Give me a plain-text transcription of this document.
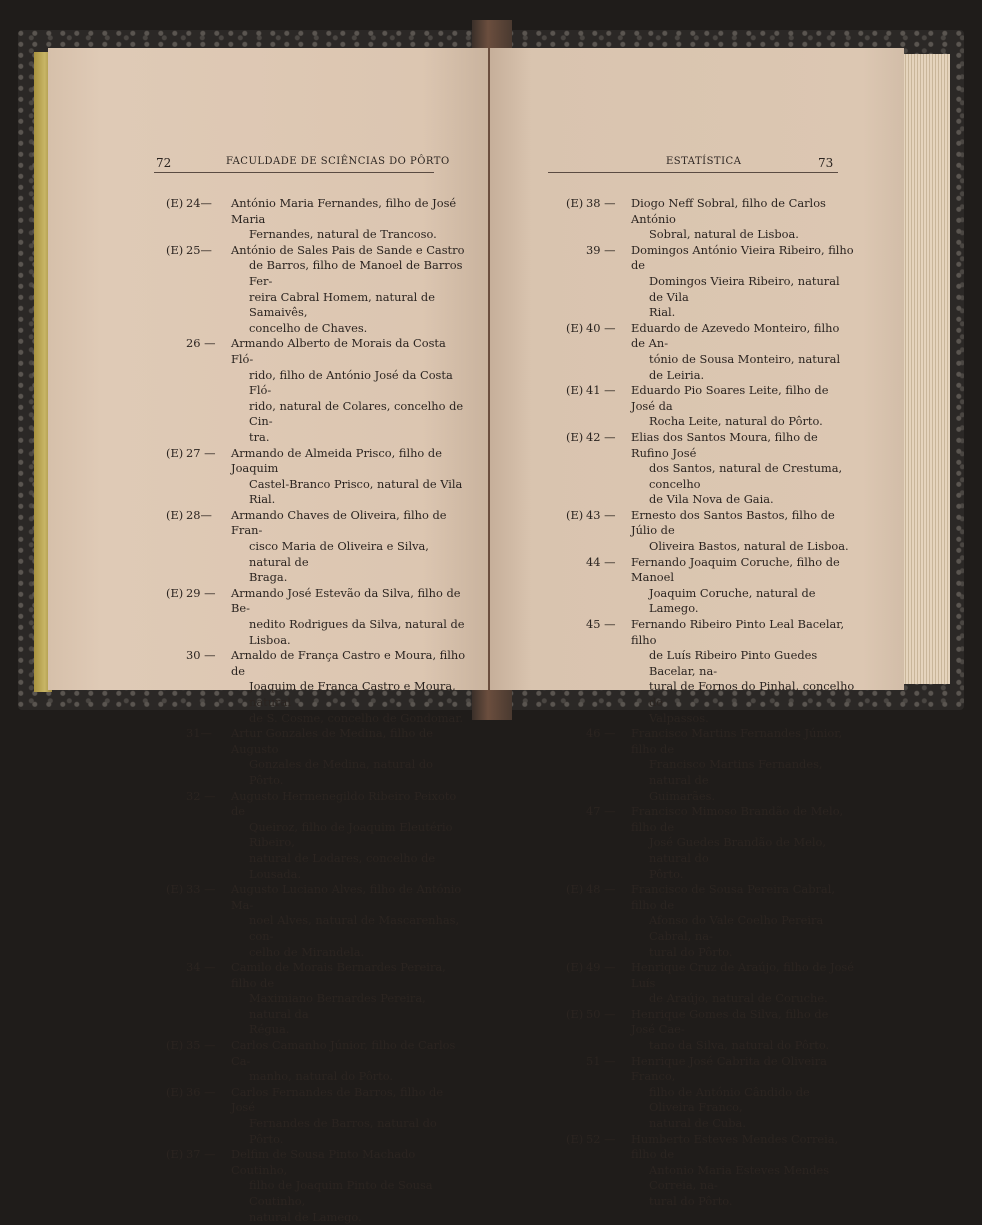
72	FACULDADE DE SCIÊNCIAS DO PÔRTO
(E) 24—	António Maria Fernandes, filho de José Maria

Fernandes, natural de Trancoso.

(E) 25—	António de Sales Pais de Sande e Castro

de Barros, filho de Manoel de Barros Fer-

reira Cabral Homem, natural de Samaivês,

concelho de Chaves.

26 —	Armando Alberto de Morais da Costa Fló-

rido, filho de António José da Costa Fló-

rido, natural de Colares, concelho de Cin-

tra.

(E) 27 —	Armando de Almeida Prisco, filho de Joaquim

Castel-Branco Prisco, natural de Vila Rial.

(E) 28—	Armando Chaves de Oliveira, filho de Fran-

cisco Maria de Oliveira e Silva, natural de

Braga.

(E) 29 —	Armando José Estevão da Silva, filho de Be-

nedito Rodrigues da Silva, natural de

Lisboa.

30 —	Arnaldo de França Castro e Moura, filho de

Joaquim de França Castro e Moura, natural

de S. Cosme, concelho de Gondomar.

31—	Artur Gonzales de Medina, filho de Augusto

Gonzales de Medina, natural do Pôrto.

32 —	Augusto Hermenegildo Ribeiro Peixoto de

Queiroz, filho de Joaquim Eleutério Ribeiro,

natural de Lodares, concelho de Lousada.

(E) 33 —	Augusto Luciano Alves, filho de António Ma-

noel Alves, natural de Mascarenhas, con-

celho de Mirandela.

34 —	Camilo de Morais Bernardes Pereira, filho de

Maximiano Bernardes Pereira, natural da

Régua.

(E) 35 —	Carlos Camanho Júnior, filho de Carlos Ca-

manho, natural do Pôrto.

(E) 36 —	Carlos Fernandes de Barros, filho de José

Fernandes de Barros, natural do Pôrto.

(E) 37 —	Delfim de Sousa Pinto Machado Coutinho,

filho de Joaquim Pinto de Sousa Coutinho,

natural de Lamego.

ESTATÍSTICA	73
(E) 38 —	Diogo Neff Sobral, filho de Carlos António

Sobral, natural de Lisboa.

39 —	Domingos António Vieira Ribeiro, filho de

Domingos Vieira Ribeiro, natural de Vila

Rial.

(E) 40 —	Eduardo de Azevedo Monteiro, filho de An-

tónio de Sousa Monteiro, natural de Leiria.

(E) 41 —	Eduardo Pio Soares Leite, filho de José da

Rocha Leite, natural do Pôrto.

(E) 42 —	Elias dos Santos Moura, filho de Rufino José

dos Santos, natural de Crestuma, concelho

de Vila Nova de Gaia.

(E) 43 —	Ernesto dos Santos Bastos, filho de Júlio de

Oliveira Bastos, natural de Lisboa.

44 —	Fernando Joaquim Coruche, filho de Manoel

Joaquim Coruche, natural de Lamego.

45 —	Fernando Ribeiro Pinto Leal Bacelar, filho

de Luís Ribeiro Pinto Guedes Bacelar, na-

tural de Fornos do Pinhal, concelho de

Valpassos.

46 —	Francisco Martins Fernandes Júnior, filho de

Francisco Martins Fernandes, natural de

Guimarães.

47 —	Francisco Mimoso Brandão de Melo, filho de

José Guedes Brandão de Melo, natural do

Pôrto.

(E) 48 —	Francisco de Sousa Pereira Cabral, filho de

Afonso do Vale Coelho Pereira Cabral, na-

tural do Pôrto.

(E) 49 —	Henrique Cruz de Araújo, filho de José Luís

de Araújo, natural de Coruche.

(E) 50 —	Henrique Gomes da Silva, filho de José Cae-

tano da Silva, natural do Pôrto.

51 —	Henrique José Cabrita de Oliveira Franco,

filho de António Cândido de Oliveira Franco,

natural de Cuba.

(E) 52 —	Humberto Esteves Mendes Correia, filho de

Antonio Maria Esteves Mendes Correia, na-

tural do Pôrto.
